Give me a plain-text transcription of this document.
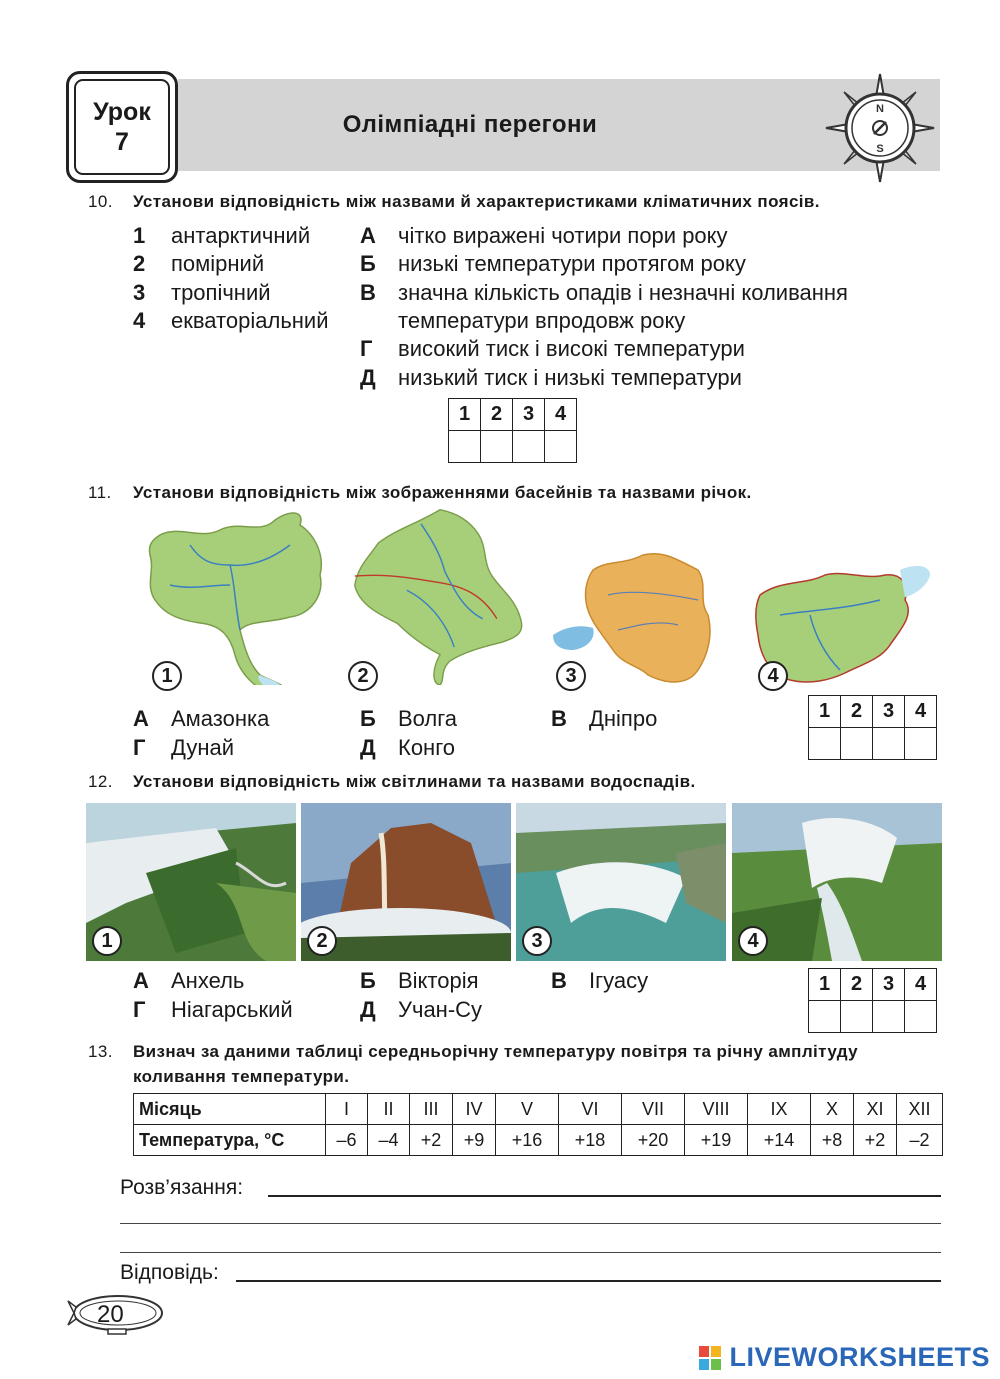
Урок
7
Олімпіадні перегони
N
S
10. Установи відповідність між назвами й характеристиками кліматичних поясів.
1 антарктичний
2 помірний
3 тропічний
4 екваторіальний
А чітко виражені чотири пори року
Б низькі температури протягом року
В значна кількість опадів і незначні коливання
температури впродовж року
Г високий тиск і високі температури
Д низький тиск і низькі температури
1	2	3	4

11. Установи відповідність між зображеннями басейнів та назвами річок.
1	2	3	4
А Амазонка	Б Волга	В Дніпро
Г Дунай	Д Конго
1	2	3	4

12. Установи відповідність між світлинами та назвами водоспадів.
1	2	3	4
А Анхель	Б Вікторія	В Ігуасу
Г Ніагарський	Д Учан-Су
1	2	3	4

13. Визнач за даними таблиці середньорічну температуру повітря та річну амплітуду
коливання температури.
Місяць	I	II	III	IV	V	VI	VII	VIII	IX	X	XI	XII
Температура, °С	–6	–4	+2	+9	+16	+18	+20	+19	+14	+8	+2	–2
Розв’язання:
Відповідь:
20
LIVEWORKSHEETS
